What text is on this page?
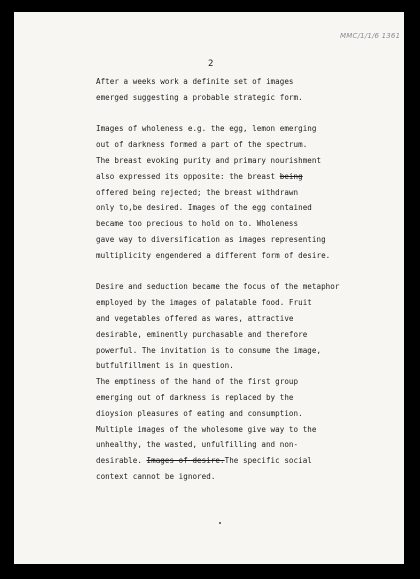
MMC/1/1/6 1361
2
After a weeks work a definite set of images
emerged suggesting a probable strategic form.
Images of wholeness e.g. the egg, lemon emerging
out of darkness formed a part of the spectrum.
The breast evoking purity and primary nourishment
also expressed its opposite: the breast being
offered being rejected; the breast withdrawn
only to,be desired. Images of the egg contained
became too precious to hold on to. Wholeness
gave way to diversification as images representing
multiplicity engendered a different form of desire.
Desire and seduction became the focus of the metaphor
employed by the images of palatable food. Fruit
and vegetables offered as wares, attractive
desirable, eminently purchasable and therefore
powerful. The invitation is to consume the image,
butfulfillment is in question.
The emptiness of the hand of the first group
emerging out of darkness is replaced by the
dioysion pleasures of eating and consumption.
Multiple images of the wholesome give way to the
unhealthy, the wasted, unfulfilling and non-
desirable. Images of desire.The specific social
context cannot be ignored.
